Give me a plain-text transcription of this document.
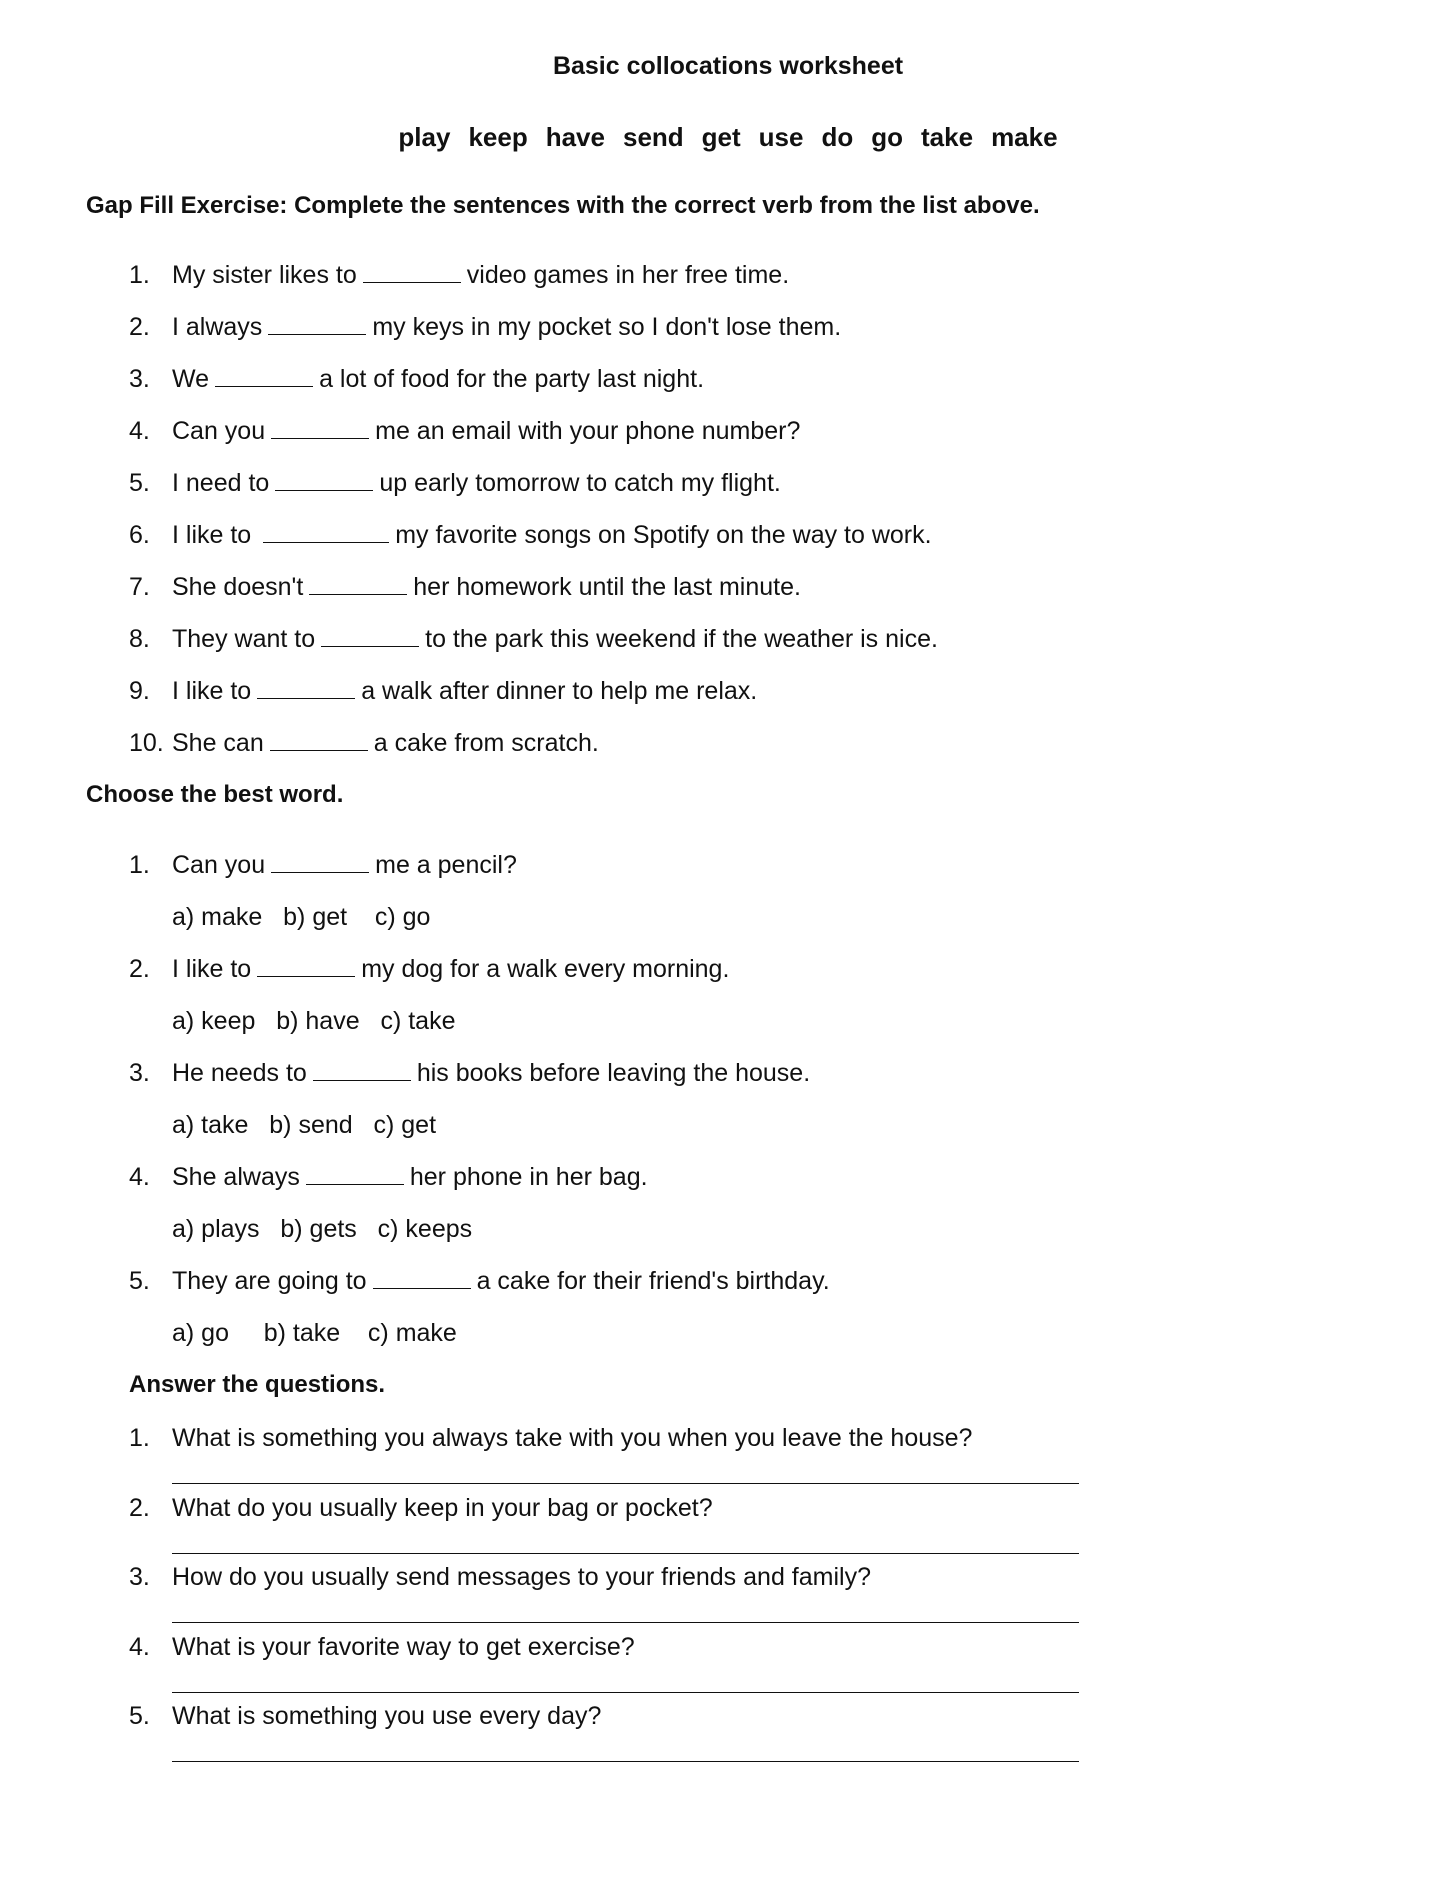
Basic collocations worksheet
play keep have send get use do go take make
Gap Fill Exercise: Complete the sentences with the correct verb from the list above.
1. My sister likes to	video games in her free time.
2. I always	my keys in my pocket so I don't lose them.
3. We	a lot of food for the party last night.
4. Can you	me an email with your phone number?
5. I need to	up early tomorrow to catch my flight.
6. I like to	my favorite songs on Spotify on the way to work.
7. She doesn't	her homework until the last minute.
8. They want to	to the park this weekend if the weather is nice.
9. I like to	a walk after dinner to help me relax.
10. She can	a cake from scratch.
Choose the best word.
1. Can you	me a pencil?
a) make   b) get    c) go
2. I like to	my dog for a walk every morning.
a) keep   b) have   c) take
3. He needs to	his books before leaving the house.
a) take   b) send   c) get
4. She always	her phone in her bag.
a) plays   b) gets   c) keeps
5. They are going to	a cake for their friend's birthday.
a) go     b) take    c) make
Answer the questions.
1. What is something you always take with you when you leave the house?
2. What do you usually keep in your bag or pocket?
3. How do you usually send messages to your friends and family?
4. What is your favorite way to get exercise?
5. What is something you use every day?
